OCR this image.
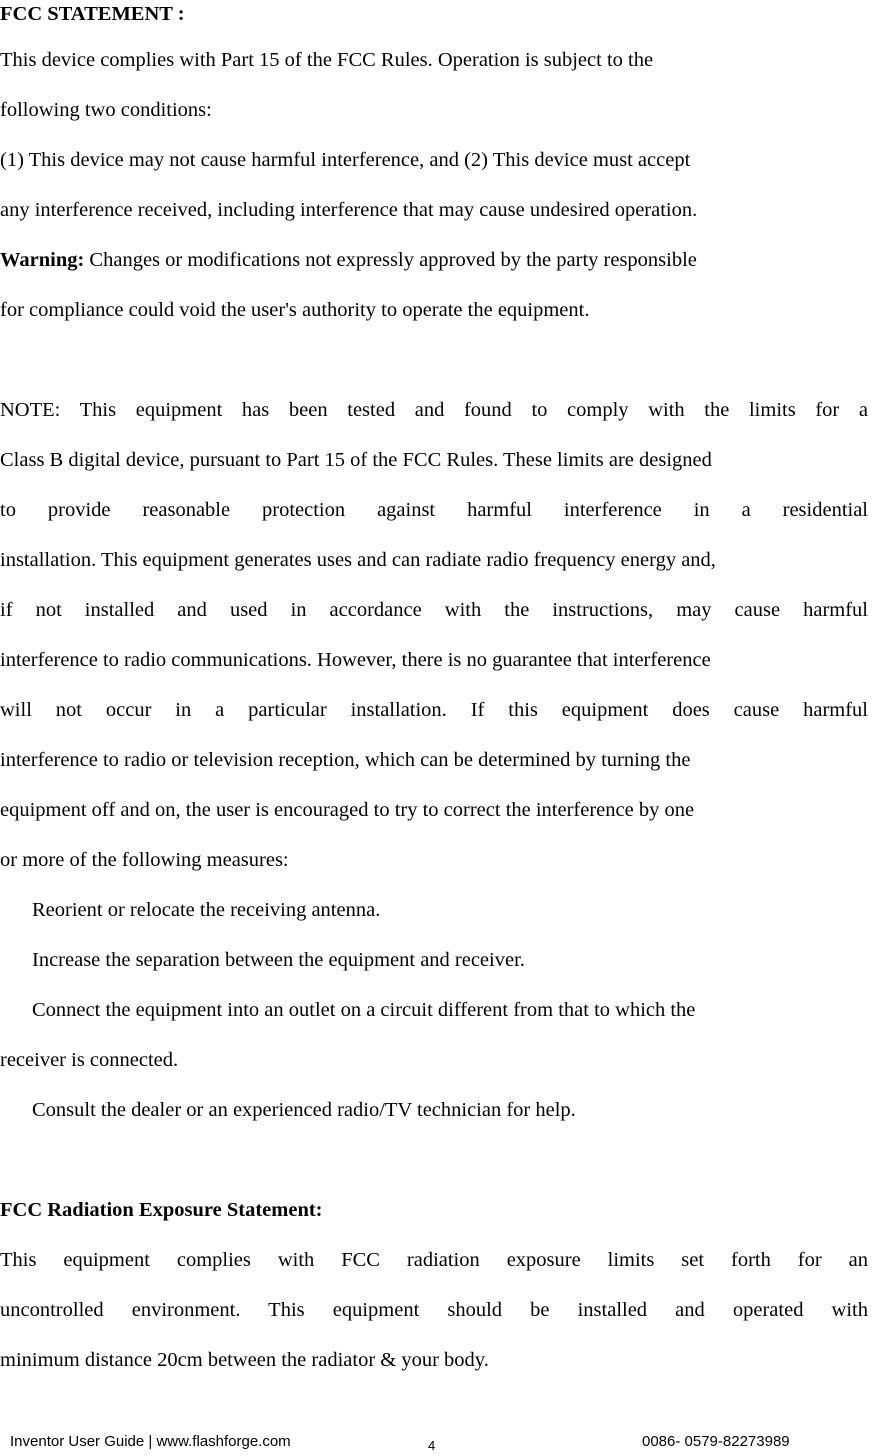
FCC STATEMENT :
This device complies with Part 15 of the FCC Rules. Operation is subject to the
following two conditions:
(1) This device may not cause harmful interference, and (2) This device must accept
any interference received, including interference that may cause undesired operation.
Warning: Changes or modifications not expressly approved by the party responsible
for compliance could void the user's authority to operate the equipment.
NOTE: This equipment has been tested and found to comply with the limits for a
Class B digital device, pursuant to Part 15 of the FCC Rules. These limits are designed
to provide reasonable protection against harmful interference in a residential
installation. This equipment generates uses and can radiate radio frequency energy and,
if not installed and used in accordance with the instructions, may cause harmful
interference to radio communications. However, there is no guarantee that interference
will not occur in a particular installation. If this equipment does cause harmful
interference to radio or television reception, which can be determined by turning the
equipment off and on, the user is encouraged to try to correct the interference by one
or more of the following measures:
Reorient or relocate the receiving antenna.
Increase the separation between the equipment and receiver.
Connect the equipment into an outlet on a circuit different from that to which the
receiver is connected.
Consult the dealer or an experienced radio/TV technician for help.
FCC Radiation Exposure Statement:
This equipment complies with FCC radiation exposure limits set forth for an
uncontrolled environment. This equipment should be installed and operated with
minimum distance 20cm between the radiator & your body.
Inventor User Guide | www.flashforge.com	4	0086- 0579-82273989
